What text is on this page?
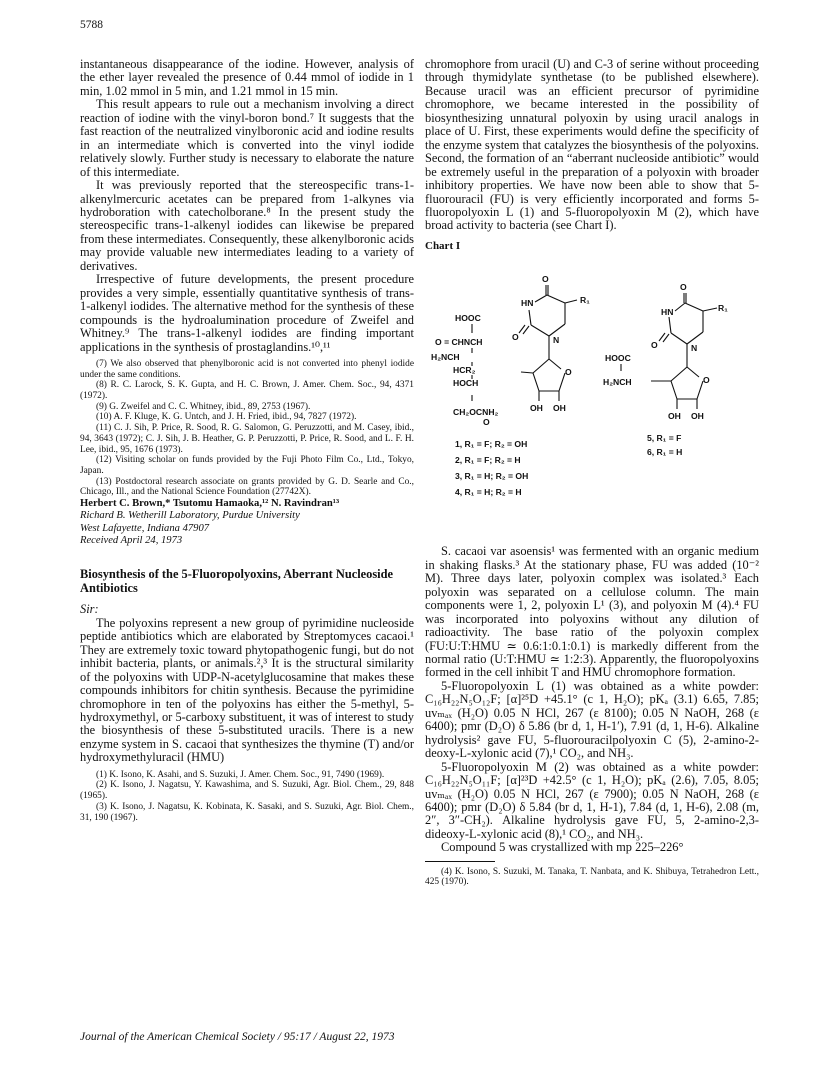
5788

instantaneous disappearance of the iodine. However, analysis of the ether layer revealed the presence of 0.44 mmol of iodide in 1 min, 1.02 mmol in 5 min, and 1.21 mmol in 15 min.

This result appears to rule out a mechanism involving a direct reaction of iodine with the vinyl-boron bond.⁷ It suggests that the fast reaction of the neutralized vinylboronic acid and iodine results in an intermediate which is converted into the vinyl iodide relatively slowly. Further study is necessary to elaborate the nature of this intermediate.

It was previously reported that the stereospecific trans-1-alkenylmercuric acetates can be prepared from 1-alkynes via hydroboration with catecholborane.⁸ In the present study the stereospecific trans-1-alkenyl iodides can likewise be prepared from these intermediates. Consequently, these alkenylboronic acids may provide valuable new intermediates leading to a variety of derivatives.

Irrespective of future developments, the present procedure provides a very simple, essentially quantitative synthesis of trans-1-alkenyl iodides. The alternative method for the synthesis of these compounds is the hydroalumination procedure of Zweifel and Whitney.⁹ The trans-1-alkenyl iodides are finding important applications in the synthesis of prostaglandins.¹⁰,¹¹

(7) We also observed that phenylboronic acid is not converted into phenyl iodide under the same conditions.

(8) R. C. Larock, S. K. Gupta, and H. C. Brown, J. Amer. Chem. Soc., 94, 4371 (1972).

(9) G. Zweifel and C. C. Whitney, ibid., 89, 2753 (1967).

(10) A. F. Kluge, K. G. Untch, and J. H. Fried, ibid., 94, 7827 (1972).

(11) C. J. Sih, P. Price, R. Sood, R. G. Salomon, G. Peruzzotti, and M. Casey, ibid., 94, 3643 (1972); C. J. Sih, J. B. Heather, G. P. Peruzzotti, P. Price, R. Sood, and L. F. H. Lee, ibid., 95, 1676 (1973).

(12) Visiting scholar on funds provided by the Fuji Photo Film Co., Ltd., Tokyo, Japan.

(13) Postdoctoral research associate on grants provided by G. D. Searle and Co., Chicago, Ill., and the National Science Foundation (27742X).

Herbert C. Brown,* Tsutomu Hamaoka,¹² N. Ravindran¹³

Richard B. Wetherill Laboratory, Purdue University

West Lafayette, Indiana 47907

Received April 24, 1973

Biosynthesis of the 5-Fluoropolyoxins, Aberrant Nucleoside Antibiotics

Sir:

The polyoxins represent a new group of pyrimidine nucleoside peptide antibiotics which are elaborated by Streptomyces cacaoi.¹ They are extremely toxic toward phytopathogenic fungi, but do not inhibit bacteria, plants, or animals.²,³ It is the structural similarity of the polyoxins with UDP-N-acetylglucosamine that makes these compounds inhibitors for chitin synthesis. Because the pyrimidine chromophore in ten of the polyoxins has either the 5-methyl, 5-hydroxymethyl, or 5-carboxy substituent, it was of interest to study the biosynthesis of these 5-substituted uracils. There is a new enzyme system in S. cacaoi that synthesizes the thymine (T) and/or hydroxymethyluracil (HMU)

(1) K. Isono, K. Asahi, and S. Suzuki, J. Amer. Chem. Soc., 91, 7490 (1969).

(2) K. Isono, J. Nagatsu, Y. Kawashima, and S. Suzuki, Agr. Biol. Chem., 29, 848 (1965).

(3) K. Isono, J. Nagatsu, K. Kobinata, K. Sasaki, and S. Suzuki, Agr. Biol. Chem., 31, 190 (1967).

chromophore from uracil (U) and C-3 of serine without proceeding through thymidylate synthetase (to be published elsewhere). Because uracil was an efficient precursor of pyrimidine chromophore, we became interested in the possibility of biosynthesizing unnatural polyoxin by using uracil analogs in place of U. First, these experiments would define the specificity of the enzyme system that catalyzes the biosynthesis of the polyoxins. Second, the formation of an “aberrant nucleoside antibiotic” would be extremely useful in the preparation of a polyoxin with broader inhibitory properties. We have now been able to show that 5-fluorouracil (FU) is very efficiently incorporated and forms 5-fluoropolyoxin L (1) and 5-fluoropolyoxin M (2), which have broad activity to bacteria (see Chart I).

Chart I
O
HN	R₁
O	N
O
HOOC
O = CHNCH
H₂NCH
HCR₂
HOCH
OH OH
CH₂OCNH₂
O
O
HN	R₁
O	N
O
HOOC
H₂NCH
OH OH
1, R₁ = F; R₂ = OH
2, R₁ = F; R₂ = H
3, R₁ = H; R₂ = OH
4, R₁ = H; R₂ = H
5, R₁ = F
6, R₁ = H

S. cacaoi var asoensis¹ was fermented with an organic medium in shaking flasks.³ At the stationary phase, FU was added (10⁻² M). Three days later, polyoxin complex was isolated.³ Each polyoxin was separated on a cellulose column. The main components were 1, 2, polyoxin L¹ (3), and polyoxin M (4).⁴ FU was incorporated into polyoxins without any dilution of radioactivity. The base ratio of the polyoxin complex (FU:U:T:HMU ≃ 0.6:1:0.1:0.1) is markedly different from the normal ratio (U:T:HMU ≃ 1:2:3). Apparently, the fluoropolyoxins formed in the cell inhibit T and HMU chromophore formation.

5-Fluoropolyoxin L (1) was obtained as a white powder: C₁₆H₂₂N₅O₁₂F; [α]²⁵D +45.1° (c 1, H₂O); pKₐ (3.1) 6.65, 7.85; uvₘₐₓ (H₂O) 0.05 N HCl, 267 (ε 8100); 0.05 N NaOH, 268 (ε 6400); pmr (D₂O) δ 5.86 (br d, 1, H-1′), 7.91 (d, 1, H-6). Alkaline hydrolysis² gave FU, 5-fluorouracilpolyoxin C (5), 2-amino-2-deoxy-L-xylonic acid (7),¹ CO₂, and NH₃.

5-Fluoropolyoxin M (2) was obtained as a white powder: C₁₆H₂₂N₅O₁₁F; [α]²³D +42.5° (c 1, H₂O); pKₐ (2.6), 7.05, 8.05; uvₘₐₓ (H₂O) 0.05 N HCl, 267 (ε 7900); 0.05 N NaOH, 268 (ε 6400); pmr (D₂O) δ 5.84 (br d, 1, H-1), 7.84 (d, 1, H-6), 2.08 (m, 2″, 3″-CH₂). Alkaline hydrolysis gave FU, 5, 2-amino-2,3-dideoxy-L-xylonic acid (8),¹ CO₂, and NH₃.

Compound 5 was crystallized with mp 225–226°

(4) K. Isono, S. Suzuki, M. Tanaka, T. Nanbata, and K. Shibuya, Tetrahedron Lett., 425 (1970).

Journal of the American Chemical Society / 95:17 / August 22, 1973
